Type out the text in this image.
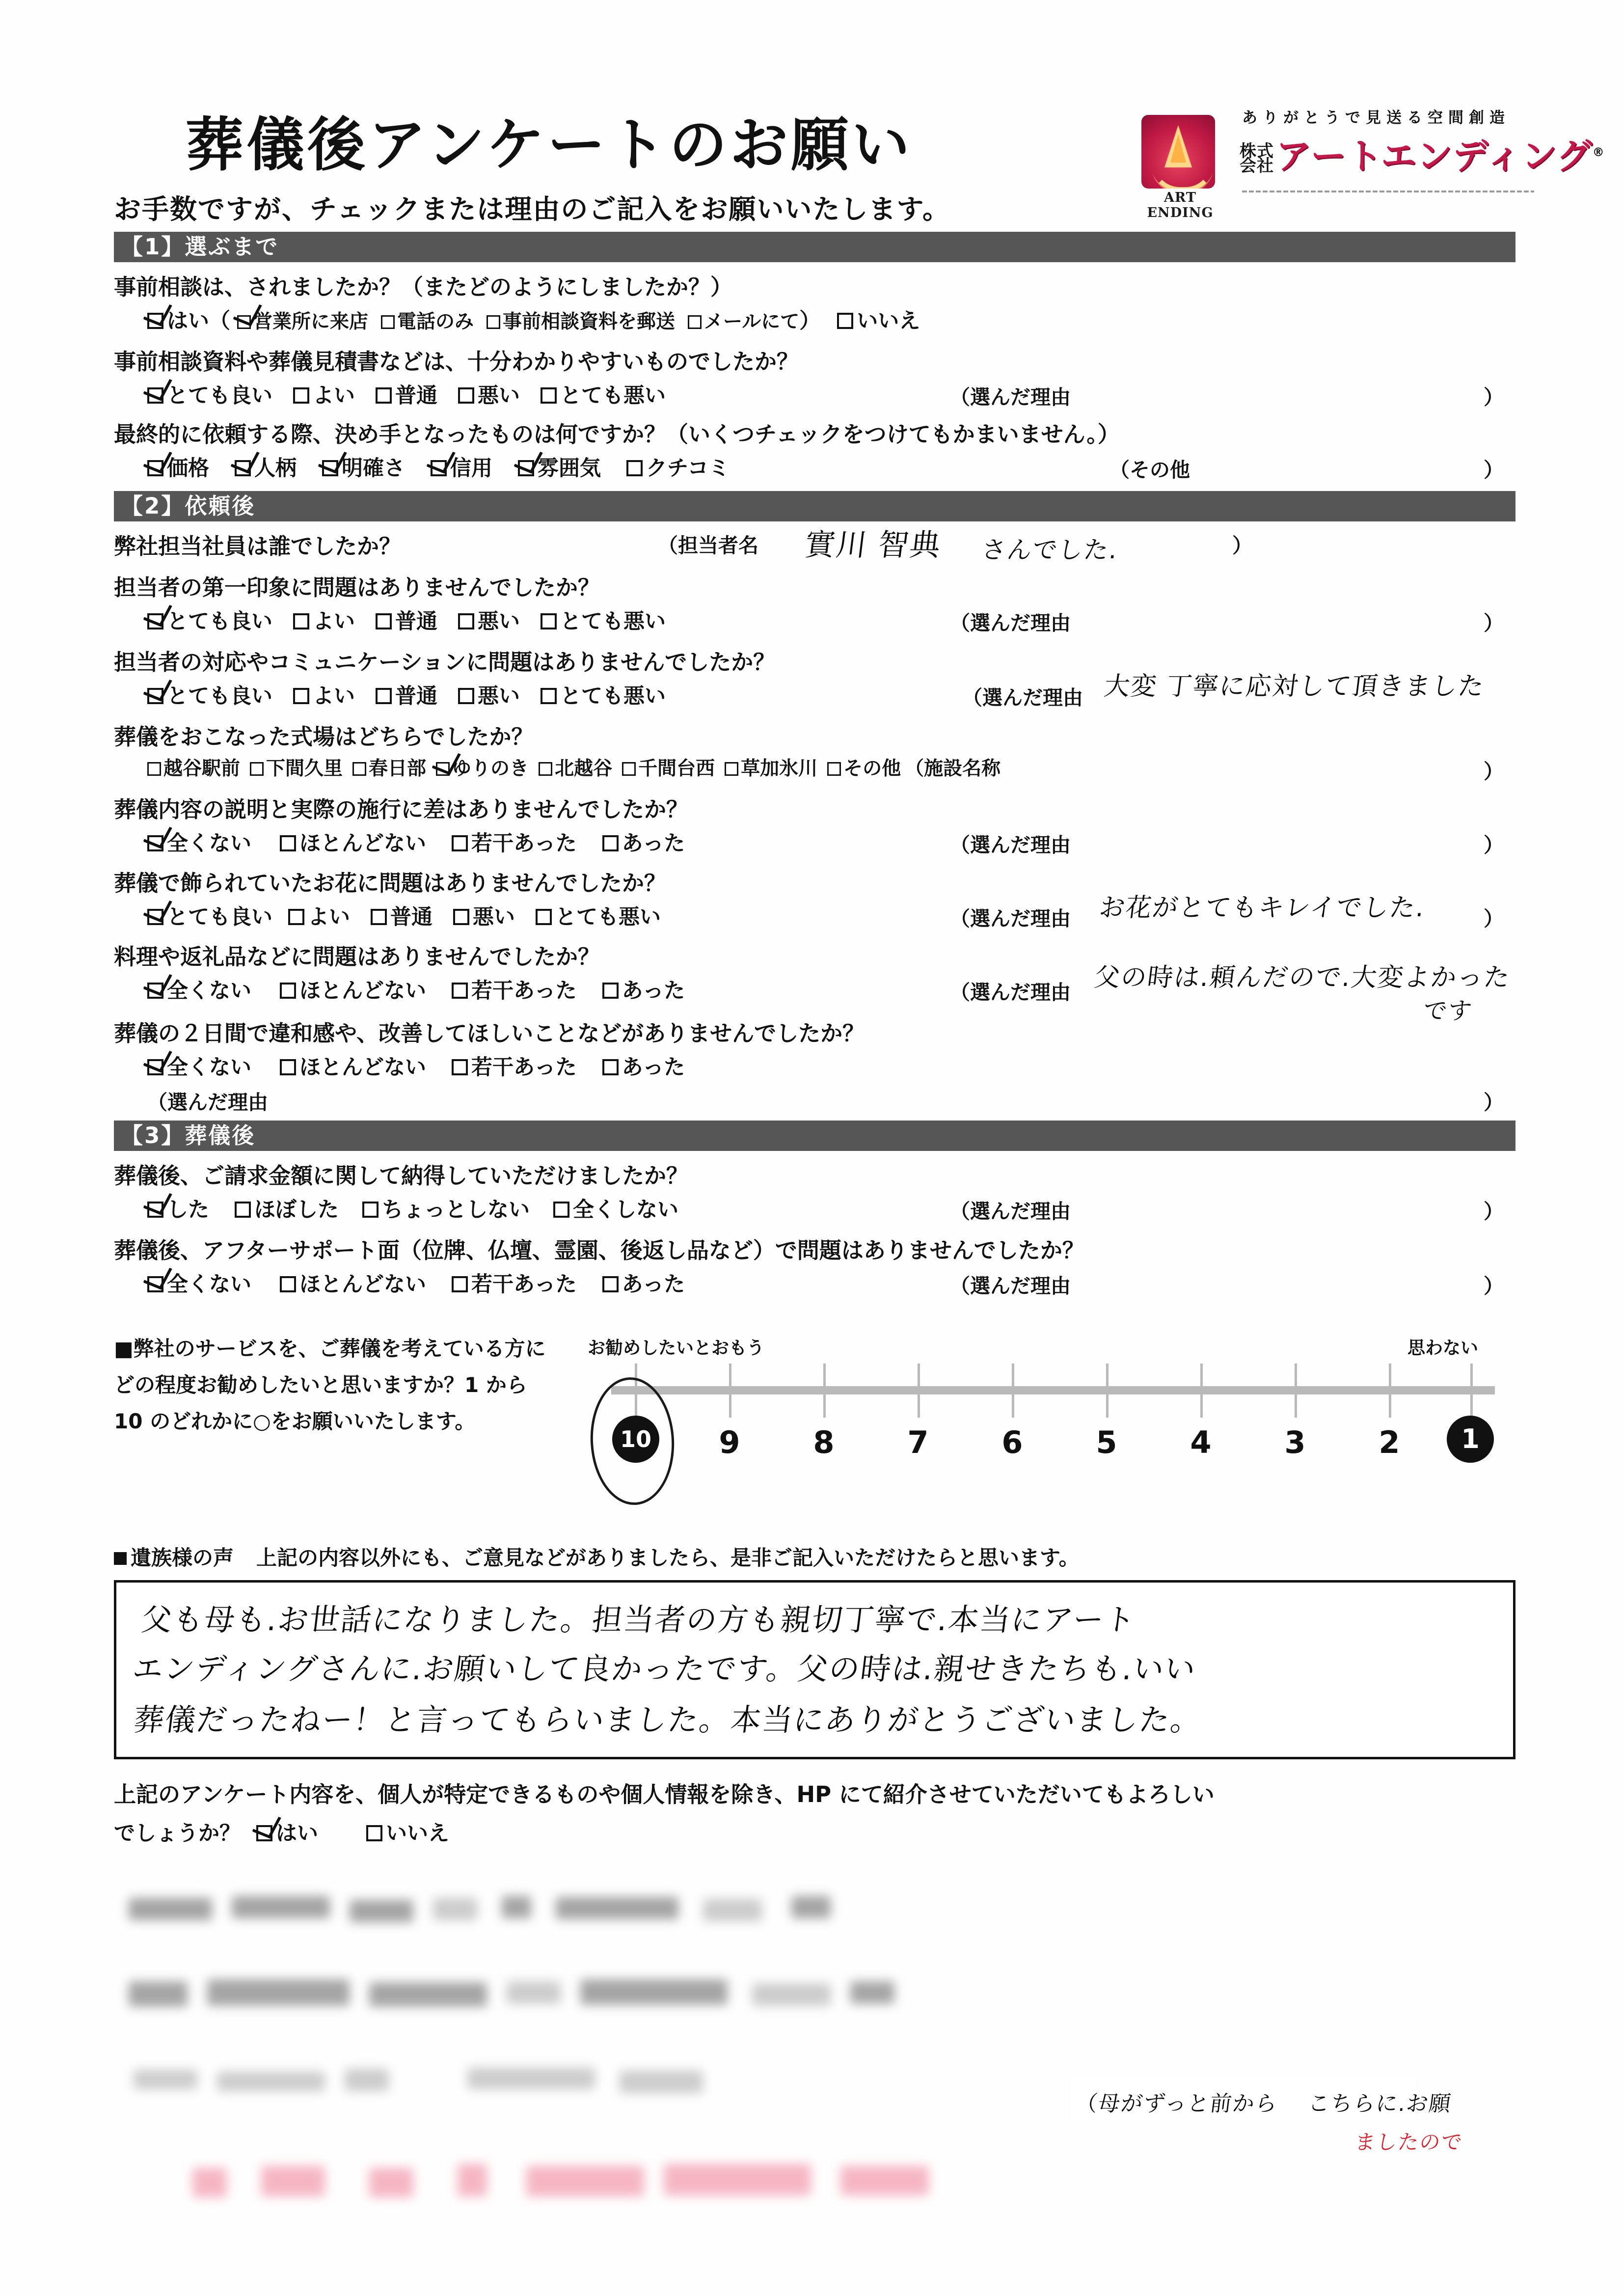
葬儀後アンケートのお願い
お手数ですが、チェックまたは理由のご記入をお願いいたします。	ART ENDING
ありがとうで見送る空間創造
株式
会社 アートエンディング®
【1】選ぶまで
事前相談は、されましたか？（またどのようにしましたか？）
はい（ 営業所に来店 電話のみ 事前相談資料を郵送 メールにて） いいえ
事前相談資料や葬儀見積書などは、十分わかりやすいものでしたか？
とても良い よい 普通 悪い とても悪い	（選んだ理由	）
最終的に依頼する際、決め手となったものは何ですか？（いくつチェックをつけてもかまいません。）
価格 人柄 明確さ 信用 雰囲気 クチコミ	（その他	）
【2】依頼後
弊社担当社員は誰でしたか？	（担当者名 實川 智典 さんでした.	）
担当者の第一印象に問題はありませんでしたか？
とても良い よい 普通 悪い とても悪い	（選んだ理由	）
担当者の対応やコミュニケーションに問題はありませんでしたか？
とても良い よい 普通 悪い とても悪い	（選んだ理由 大変 丁寧に応対して頂きました
葬儀をおこなった式場はどちらでしたか？
越谷駅前 下間久里 春日部 ゆりのき 北越谷 千間台西 草加氷川 その他 （施設名称	）
葬儀内容の説明と実際の施行に差はありませんでしたか？
全くない ほとんどない 若干あった あった	（選んだ理由	）
葬儀で飾られていたお花に問題はありませんでしたか？
とても良い よい 普通 悪い とても悪い	（選んだ理由 お花がとてもキレイでした.	）
料理や返礼品などに問題はありませんでしたか？
全くない ほとんどない 若干あった あった	（選んだ理由 父の時は.頼んだので.大変よかった
です
葬儀の２日間で違和感や、改善してほしいことなどがありませんでしたか？
全くない ほとんどない 若干あった あった
（選んだ理由	）
【3】葬儀後
葬儀後、ご請求金額に関して納得していただけましたか？
した ほぼした ちょっとしない 全くしない	（選んだ理由	）
葬儀後、アフターサポート面（位牌、仏壇、霊園、後返し品など）で問題はありませんでしたか？
全くない ほとんどない 若干あった あった	（選んだ理由	）
■弊社のサービスを、ご葬儀を考えている方にどの程度お勧めしたいと思いますか？1 から 10 のどれかに○をお願いいたします。
お勧めしたいとおもう	思わない
10	9	8	7	6	5	4	3	2	1
遺族様の声 上記の内容以外にも、ご意見などがありましたら、是非ご記入いただけたらと思います。
父も母も.お世話になりました。担当者の方も親切丁寧で.本当にアート
エンディングさんに.お願いして良かったです。父の時は.親せきたちも.いい
葬儀だったねー！と言ってもらいました。本当にありがとうございました。
上記のアンケート内容を、個人が特定できるものや個人情報を除き、HP にて紹介させていただいてもよろしい
でしょうか？ はい	いいえ
（母がずっと前から 　こちらに.お願
ましたので
